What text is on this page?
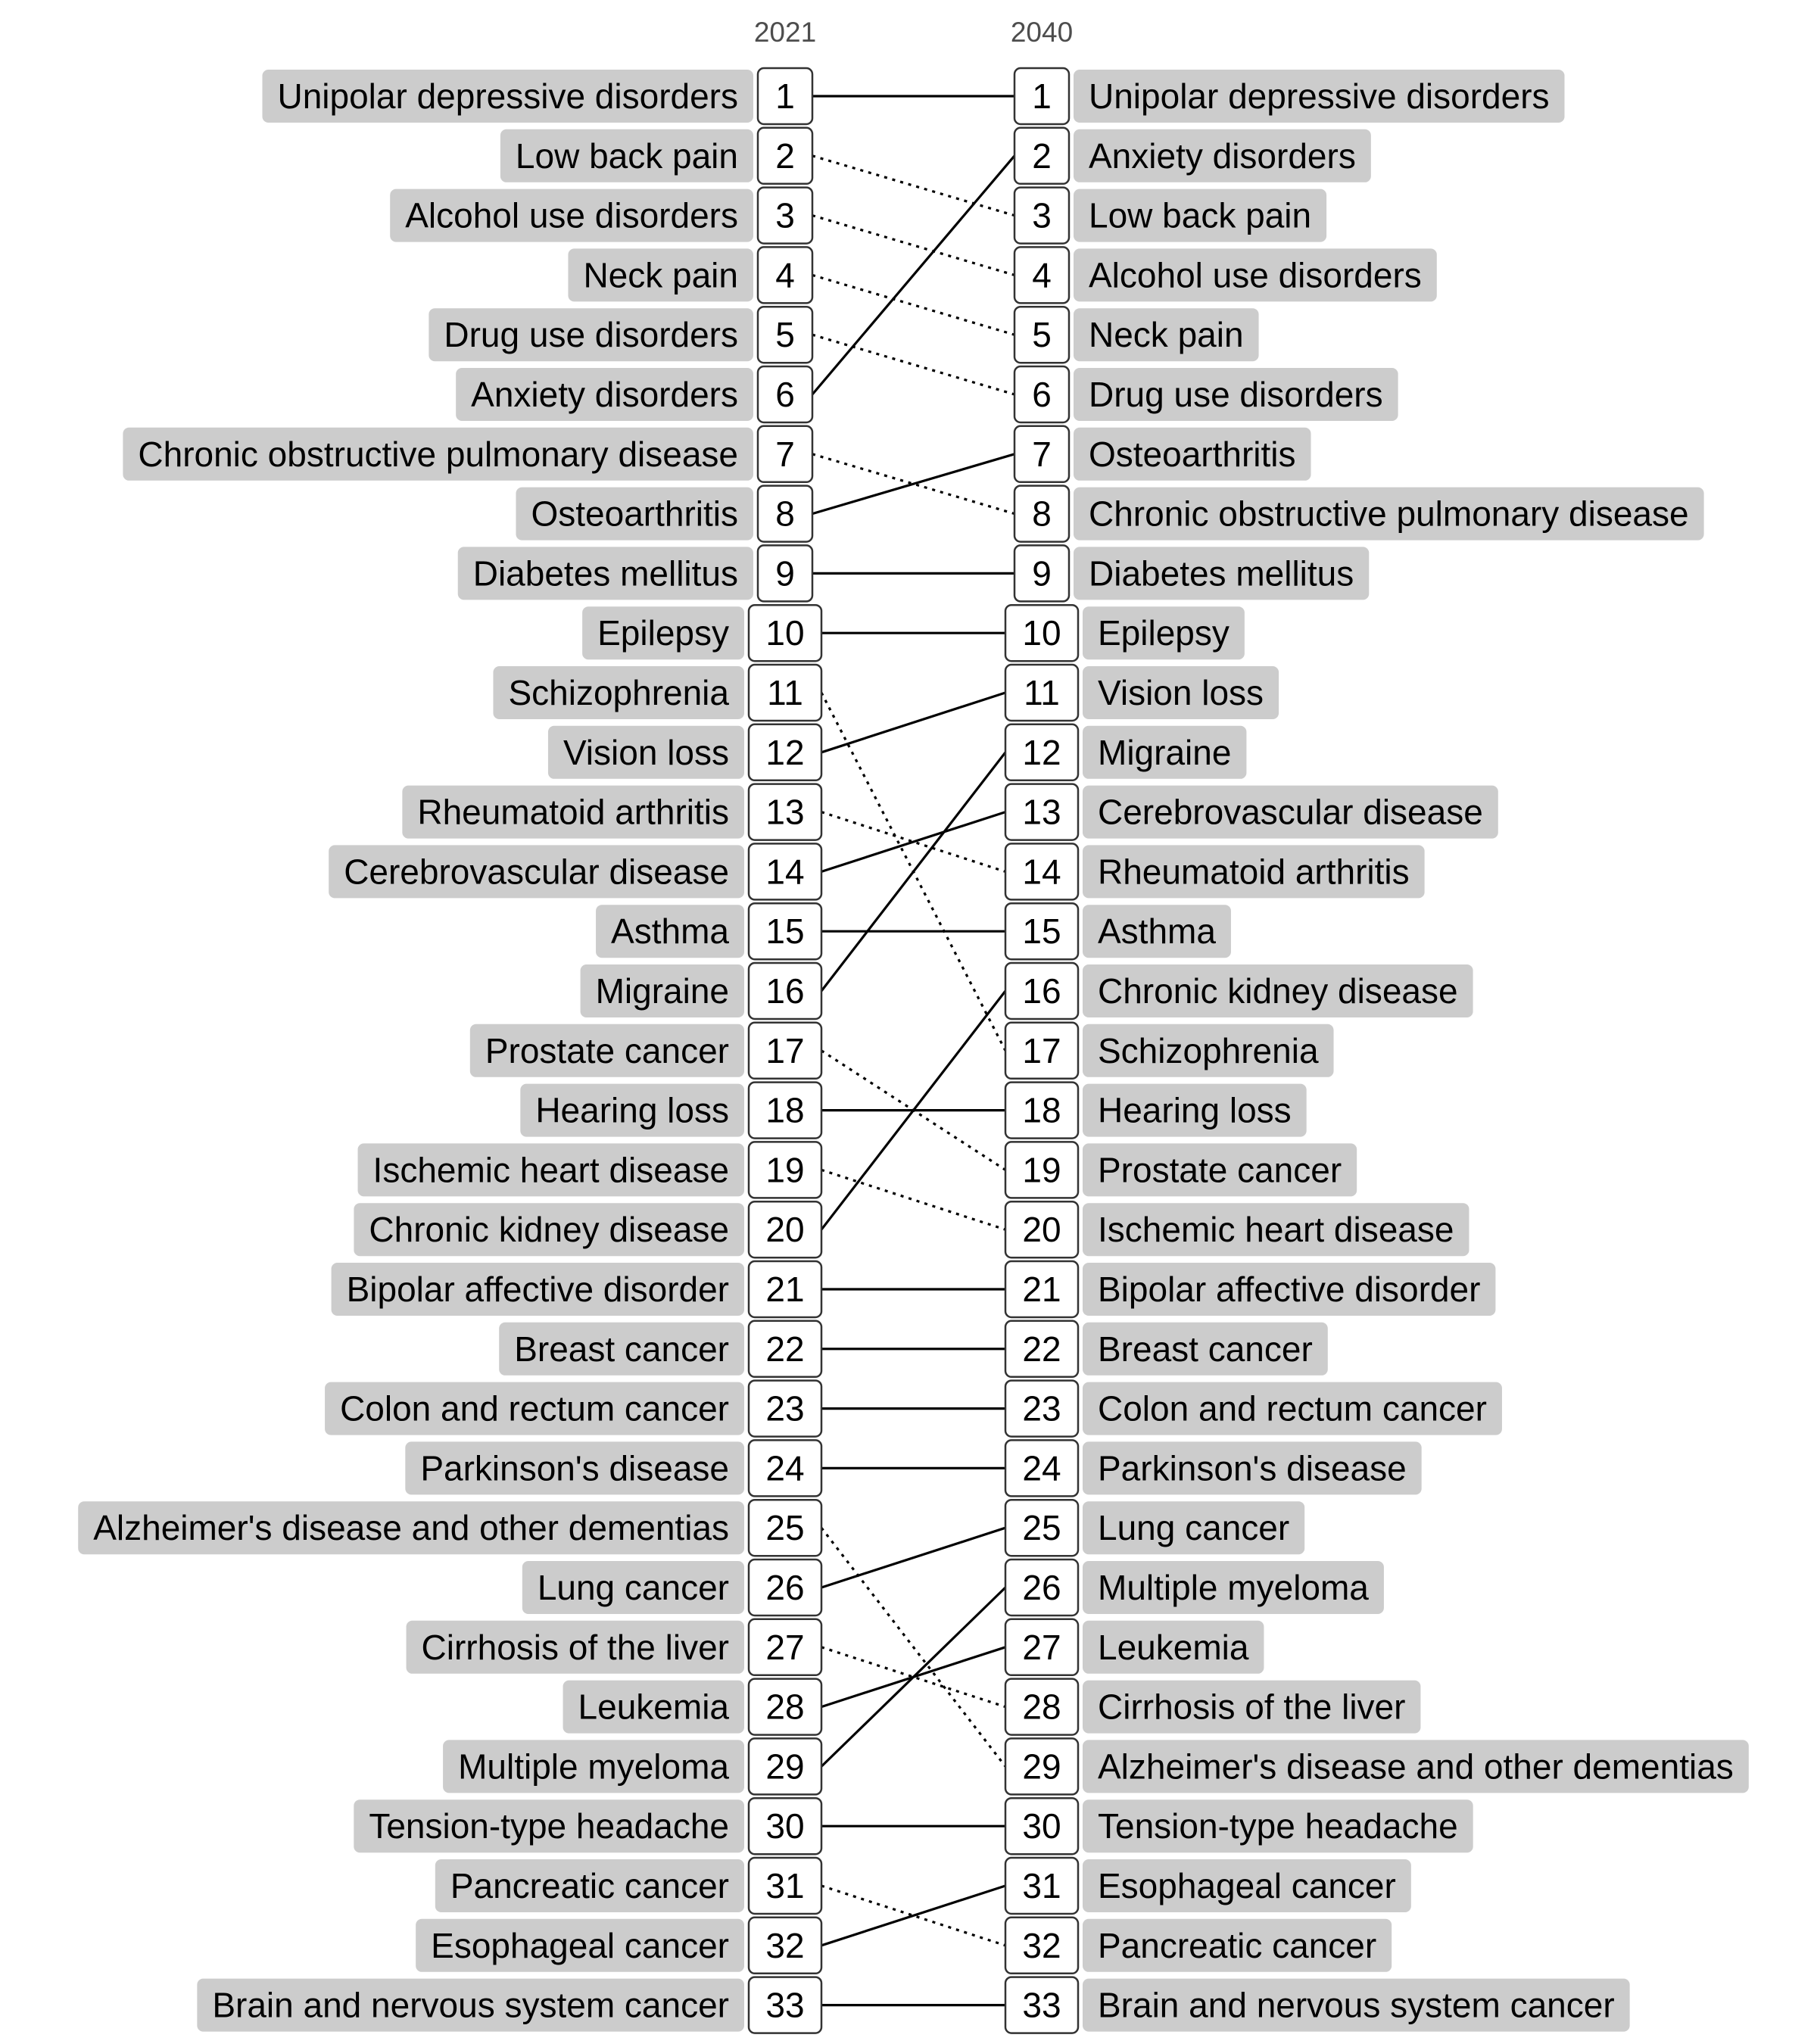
2021	2040
1
Unipolar depressive disorders
2
Low back pain
3
Alcohol use disorders
4
Neck pain
5
Drug use disorders
6
Anxiety disorders
7
Chronic obstructive pulmonary disease
8
Osteoarthritis
9
Diabetes mellitus
10
Epilepsy
11
Schizophrenia
12
Vision loss
13
Rheumatoid arthritis
14
Cerebrovascular disease
15
Asthma
16
Migraine
17
Prostate cancer
18
Hearing loss
19
Ischemic heart disease
20
Chronic kidney disease
21
Bipolar affective disorder
22
Breast cancer
23
Colon and rectum cancer
24
Parkinson's disease
25
Alzheimer's disease and other dementias
26
Lung cancer
27
Cirrhosis of the liver
28
Leukemia
29
Multiple myeloma
30
Tension-type headache
31
Pancreatic cancer
32
Esophageal cancer
33
Brain and nervous system cancer
1 Unipolar depressive disorders
2 Anxiety disorders
3 Low back pain
4 Alcohol use disorders
5 Neck pain
6 Drug use disorders
7 Osteoarthritis
8 Chronic obstructive pulmonary disease
9 Diabetes mellitus
10 Epilepsy
11 Vision loss
12 Migraine
13 Cerebrovascular disease
14 Rheumatoid arthritis
15 Asthma
16 Chronic kidney disease
17 Schizophrenia
18 Hearing loss
19 Prostate cancer
20 Ischemic heart disease
21 Bipolar affective disorder
22 Breast cancer
23 Colon and rectum cancer
24 Parkinson's disease
25 Lung cancer
26 Multiple myeloma
27 Leukemia
28 Cirrhosis of the liver
29 Alzheimer's disease and other dementias
30 Tension-type headache
31 Esophageal cancer
32 Pancreatic cancer
33 Brain and nervous system cancer
